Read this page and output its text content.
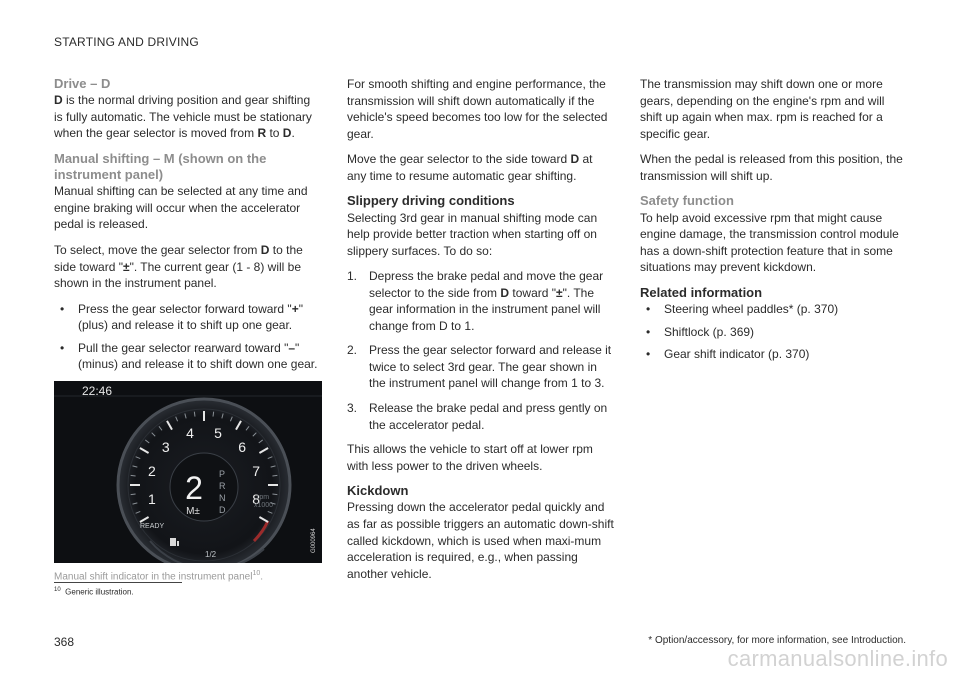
STARTING AND DRIVING
Drive – D

D is the normal driving position and gear shifting is fully automatic. The vehicle must be stationary when the gear selector is moved from R to D.

Manual shifting – M (shown on the instrument panel)

Manual shifting can be selected at any time and engine braking will occur when the accelerator pedal is released.

To select, move the gear selector from D to the side toward "±". The current gear (1 - 8) will be shown in the instrument panel.

• Press the gear selector forward toward "+" (plus) and release it to shift up one gear.
• Pull the gear selector rearward toward "–" (minus) and release it to shift down one gear.
22:46
1
2
3
4 5
6
7
8
2
M±
P
R
N
D
rpm
x1000
READY
1/2
G000964
Manual shift indicator in the instrument panel$^{10}$.

For smooth shifting and engine performance, the transmission will shift down automatically if the vehicle's speed becomes too low for the selected gear.

Move the gear selector to the side toward D at any time to resume automatic gear shifting.

Slippery driving conditions

Selecting 3rd gear in manual shifting mode can help provide better traction when starting off on slippery surfaces. To do so:

1. Depress the brake pedal and move the gear selector to the side from D toward "±". The gear information in the instrument panel will change from D to 1.
2. Press the gear selector forward and release it twice to select 3rd gear. The gear shown in the instrument panel will change from 1 to 3.
3. Release the brake pedal and press gently on the accelerator pedal.

This allows the vehicle to start off at lower rpm with less power to the driven wheels.

Kickdown

Pressing down the accelerator pedal quickly and as far as possible triggers an automatic down-shift called kickdown, which is used when maxi-mum acceleration is required, e.g., when passing another vehicle.

The transmission may shift down one or more gears, depending on the engine's rpm and will shift up again when max. rpm is reached for a specific gear.

When the pedal is released from this position, the transmission will shift up.

Safety function

To help avoid excessive rpm that might cause engine damage, the transmission control module has a down-shift protection feature that in some situations may prevent kickdown.

Related information
• Steering wheel paddles* (p. 370)
• Shiftlock (p. 369)
• Gear shift indicator (p. 370)
$^{10}$ Generic illustration.
368	* Option/accessory, for more information, see Introduction.
carmanualsonline.info
